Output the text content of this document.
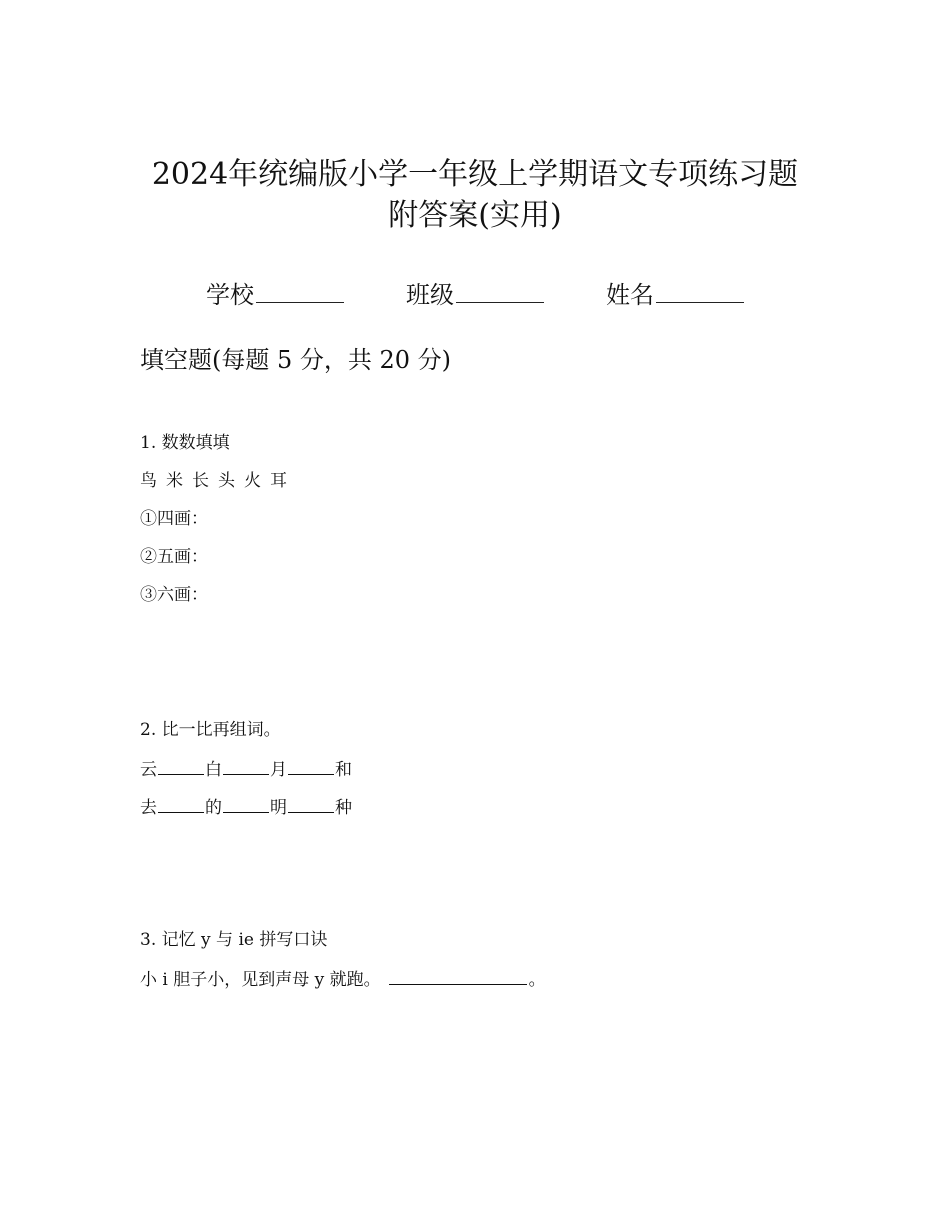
2024年统编版小学一年级上学期语文专项练习题
附答案(实用)
学校	班级	姓名
填空题(每题 5 分，共 20 分)
1. 数数填填
鸟 米 长 头 火 耳
①四画：
②五画：
③六画：
2. 比一比再组词。
云	白	月	和
去	的	明	种
3. 记忆 y 与 ie 拼写口诀
小 i 胆子小，见到声母 y 就跑。	。
